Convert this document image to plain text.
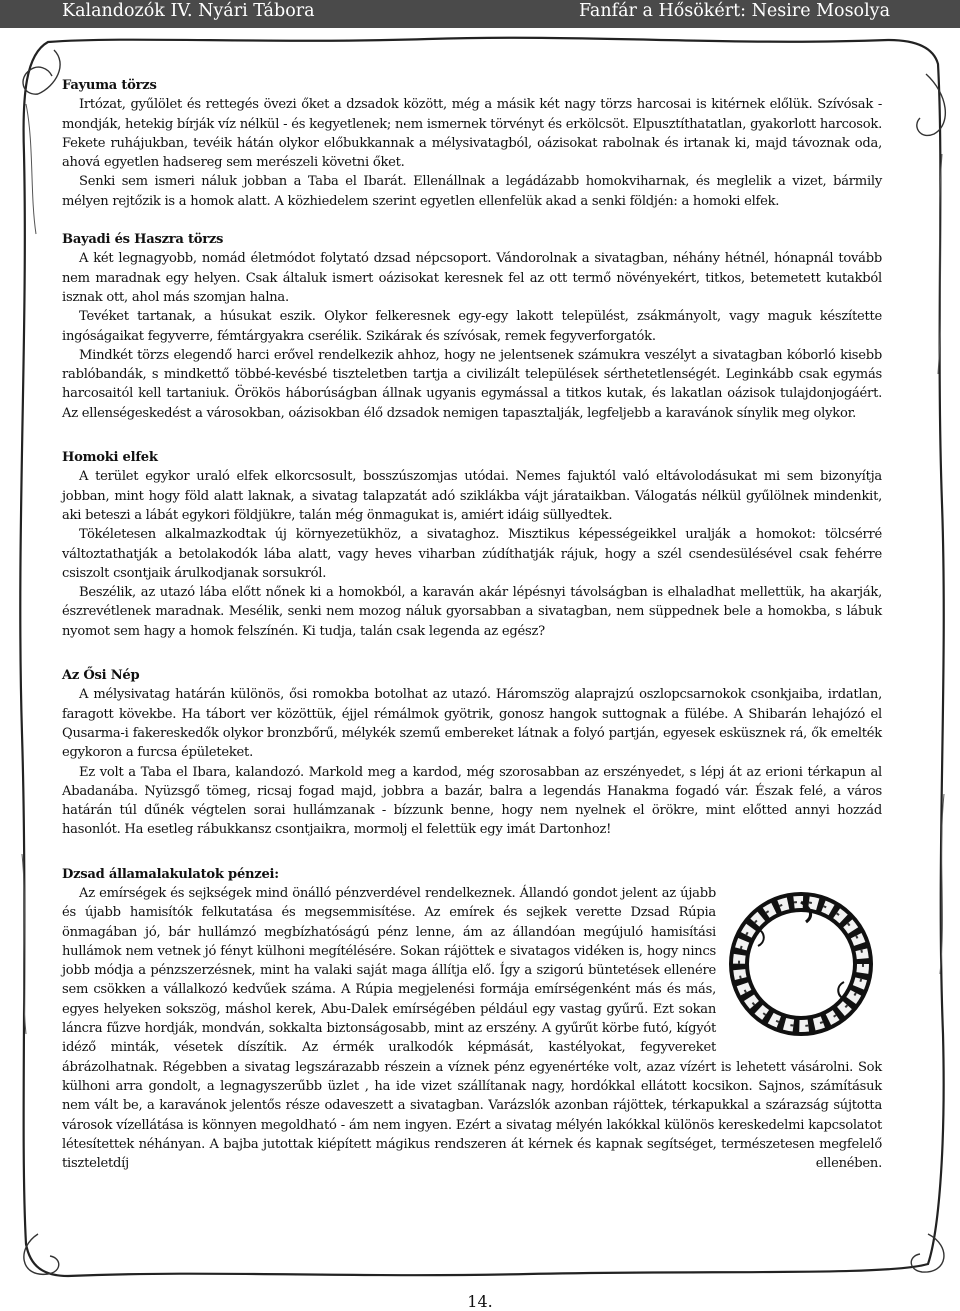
Kalandozók IV. Nyári Tábora	Fanfár a Hősökért: Nesire Mosolya
Fayuma törzs

Irtózat, gyűlölet és rettegés övezi őket a dzsadok között, még a másik két nagy törzs harcosai is kitérnek előlük. Szívósak - mondják, hetekig bírják víz nélkül - és kegyetlenek; nem ismernek törvényt és erkölcsöt. Elpusztíthatatlan, gyakorlott harcosok. Fekete ruhájukban, tevéik hátán olykor előbukkannak a mélysivatagból, oázisokat rabolnak és irtanak ki, majd távoznak oda, ahová egyetlen hadsereg sem merészeli követni őket.

Senki sem ismeri náluk jobban a Taba el Ibarát. Ellenállnak a legádázabb homokviharnak, és meglelik a vizet, bármily mélyen rejtőzik is a homok alatt. A közhiedelem szerint egyetlen ellenfelük akad a senki földjén: a homoki elfek.

Bayadi és Haszra törzs

A két legnagyobb, nomád életmódot folytató dzsad népcsoport. Vándorolnak a sivatagban, néhány hétnél, hónapnál tovább nem maradnak egy helyen. Csak általuk ismert oázisokat keresnek fel az ott termő növényekért, titkos, betemetett kutakból isznak ott, ahol más szomjan halna.

Tevéket tartanak, a húsukat eszik. Olykor felkeresnek egy-egy lakott települést, zsákmányolt, vagy maguk készítette ingóságaikat fegyverre, fémtárgyakra cserélik. Szikárak és szívósak, remek fegyverforgatók.

Mindkét törzs elegendő harci erővel rendelkezik ahhoz, hogy ne jelentsenek számukra veszélyt a sivatagban kóborló kisebb rablóbandák, s mindkettő többé-kevésbé tiszteletben tartja a civilizált települések sérthetetlenségét. Leginkább csak egymás harcosaitól kell tartaniuk. Örökös háborúságban állnak ugyanis egymással a titkos kutak, és lakatlan oázisok tulajdonjogáért. Az ellenségeskedést a városokban, oázisokban élő dzsadok nemigen tapasztalják, legfeljebb a karavánok sínylik meg olykor.

Homoki elfek

A terület egykor uraló elfek elkorcsosult, bosszúszomjas utódai. Nemes fajuktól való eltávolodásukat mi sem bizonyítja jobban, mint hogy föld alatt laknak, a sivatag talapzatát adó sziklákba vájt járataikban. Válogatás nélkül gyűlölnek mindenkit, aki beteszi a lábát egykori földjükre, talán még önmagukat is, amiért idáig süllyedtek.

Tökéletesen alkalmazkodtak új környezetükhöz, a sivataghoz. Misztikus képességeikkel uralják a homokot: tölcsérré változtathatják a betolakodók lába alatt, vagy heves viharban zúdíthatják rájuk, hogy a szél csendesülésével csak fehérre csiszolt csontjaik árulkodjanak sorsukról.

Beszélik, az utazó lába előtt nőnek ki a homokból, a karaván akár lépésnyi távolságban is elhaladhat mellettük, ha akarják, észrevétlenek maradnak. Mesélik, senki nem mozog náluk gyorsabban a sivatagban, nem süppednek bele a homokba, s lábuk nyomot sem hagy a homok felszínén. Ki tudja, talán csak legenda az egész?

Az Ősi Nép

A mélysivatag határán különös, ősi romokba botolhat az utazó. Háromszög alaprajzú oszlopcsarnokok csonkjaiba, irdatlan, faragott kövekbe. Ha tábort ver közöttük, éjjel rémálmok gyötrik, gonosz hangok suttognak a fülébe. A Shibarán lehajózó el Qusarma-i fakereskedők olykor bronzbőrű, mélykék szemű embereket látnak a folyó partján, egyesek esküsznek rá, ők emelték egykoron a furcsa épületeket.

Ez volt a Taba el Ibara, kalandozó. Markold meg a kardod, még szorosabban az erszényedet, s lépj át az erioni térkapun al Abadanába. Nyüzsgő tömeg, ricsaj fogad majd, jobbra a bazár, balra a legendás Hanakma fogadó vár. Észak felé, a város határán túl dűnék végtelen sorai hullámzanak - bízzunk benne, hogy nem nyelnek el örökre, mint előtted annyi hozzád hasonlót. Ha esetleg rábukkansz csontjaikra, mormolj el felettük egy imát Dartonhoz!

Dzsad államalakulatok pénzei:

Az emírségek és sejkségek mind önálló pénzverdével rendelkeznek. Állandó gondot jelent az újabb és újabb hamisítók felkutatása és megsemmisítése. Az emírek és sejkek verette Dzsad Rúpia önmagában jó, bár hullámzó megbízhatóságú pénz lenne, ám az állandóan megújuló hamisítási hullámok nem vetnek jó fényt külhoni megítélésére. Sokan rájöttek e sivatagos vidéken is, hogy nincs jobb módja a pénzszerzésnek, mint ha valaki saját maga állítja elő. Így a szigorú büntetések ellenére sem csökken a vállalkozó kedvűek száma. A Rúpia megjelenési formája emírségenként más és más, egyes helyeken sokszög, máshol kerek, Abu-Dalek emírségében például egy vastag gyűrű. Ezt sokan láncra fűzve hordják, mondván, sokkalta biztonságosabb, mint az erszény. A gyűrűt körbe futó, kígyót idéző minták, vésetek díszítik. Az érmék uralkodók képmását, kastélyokat, fegyvereket ábrázolhatnak. Régebben a sivatag legszárazabb részein a víznek pénz egyenértéke volt, azaz vízért is lehetett vásárolni. Sok külhoni arra gondolt, a legnagyszerűbb üzlet , ha ide vizet szállítanak nagy, hordókkal ellátott kocsikon. Sajnos, számításuk nem vált be, a karavánok jelentős része odaveszett a sivatagban. Varázslók azonban rájöttek, térkapukkal a szárazság sújtotta városok vízellátása is könnyen megoldható - ám nem ingyen. Ezért a sivatag mélyén lakókkal különös kereskedelmi kapcsolatot létesítettek néhányan. A bajba jutottak kiépített mágikus rendszeren át kérnek és kapnak segítséget, természetesen megfelelő tiszteletdíj ellenében.

14.
